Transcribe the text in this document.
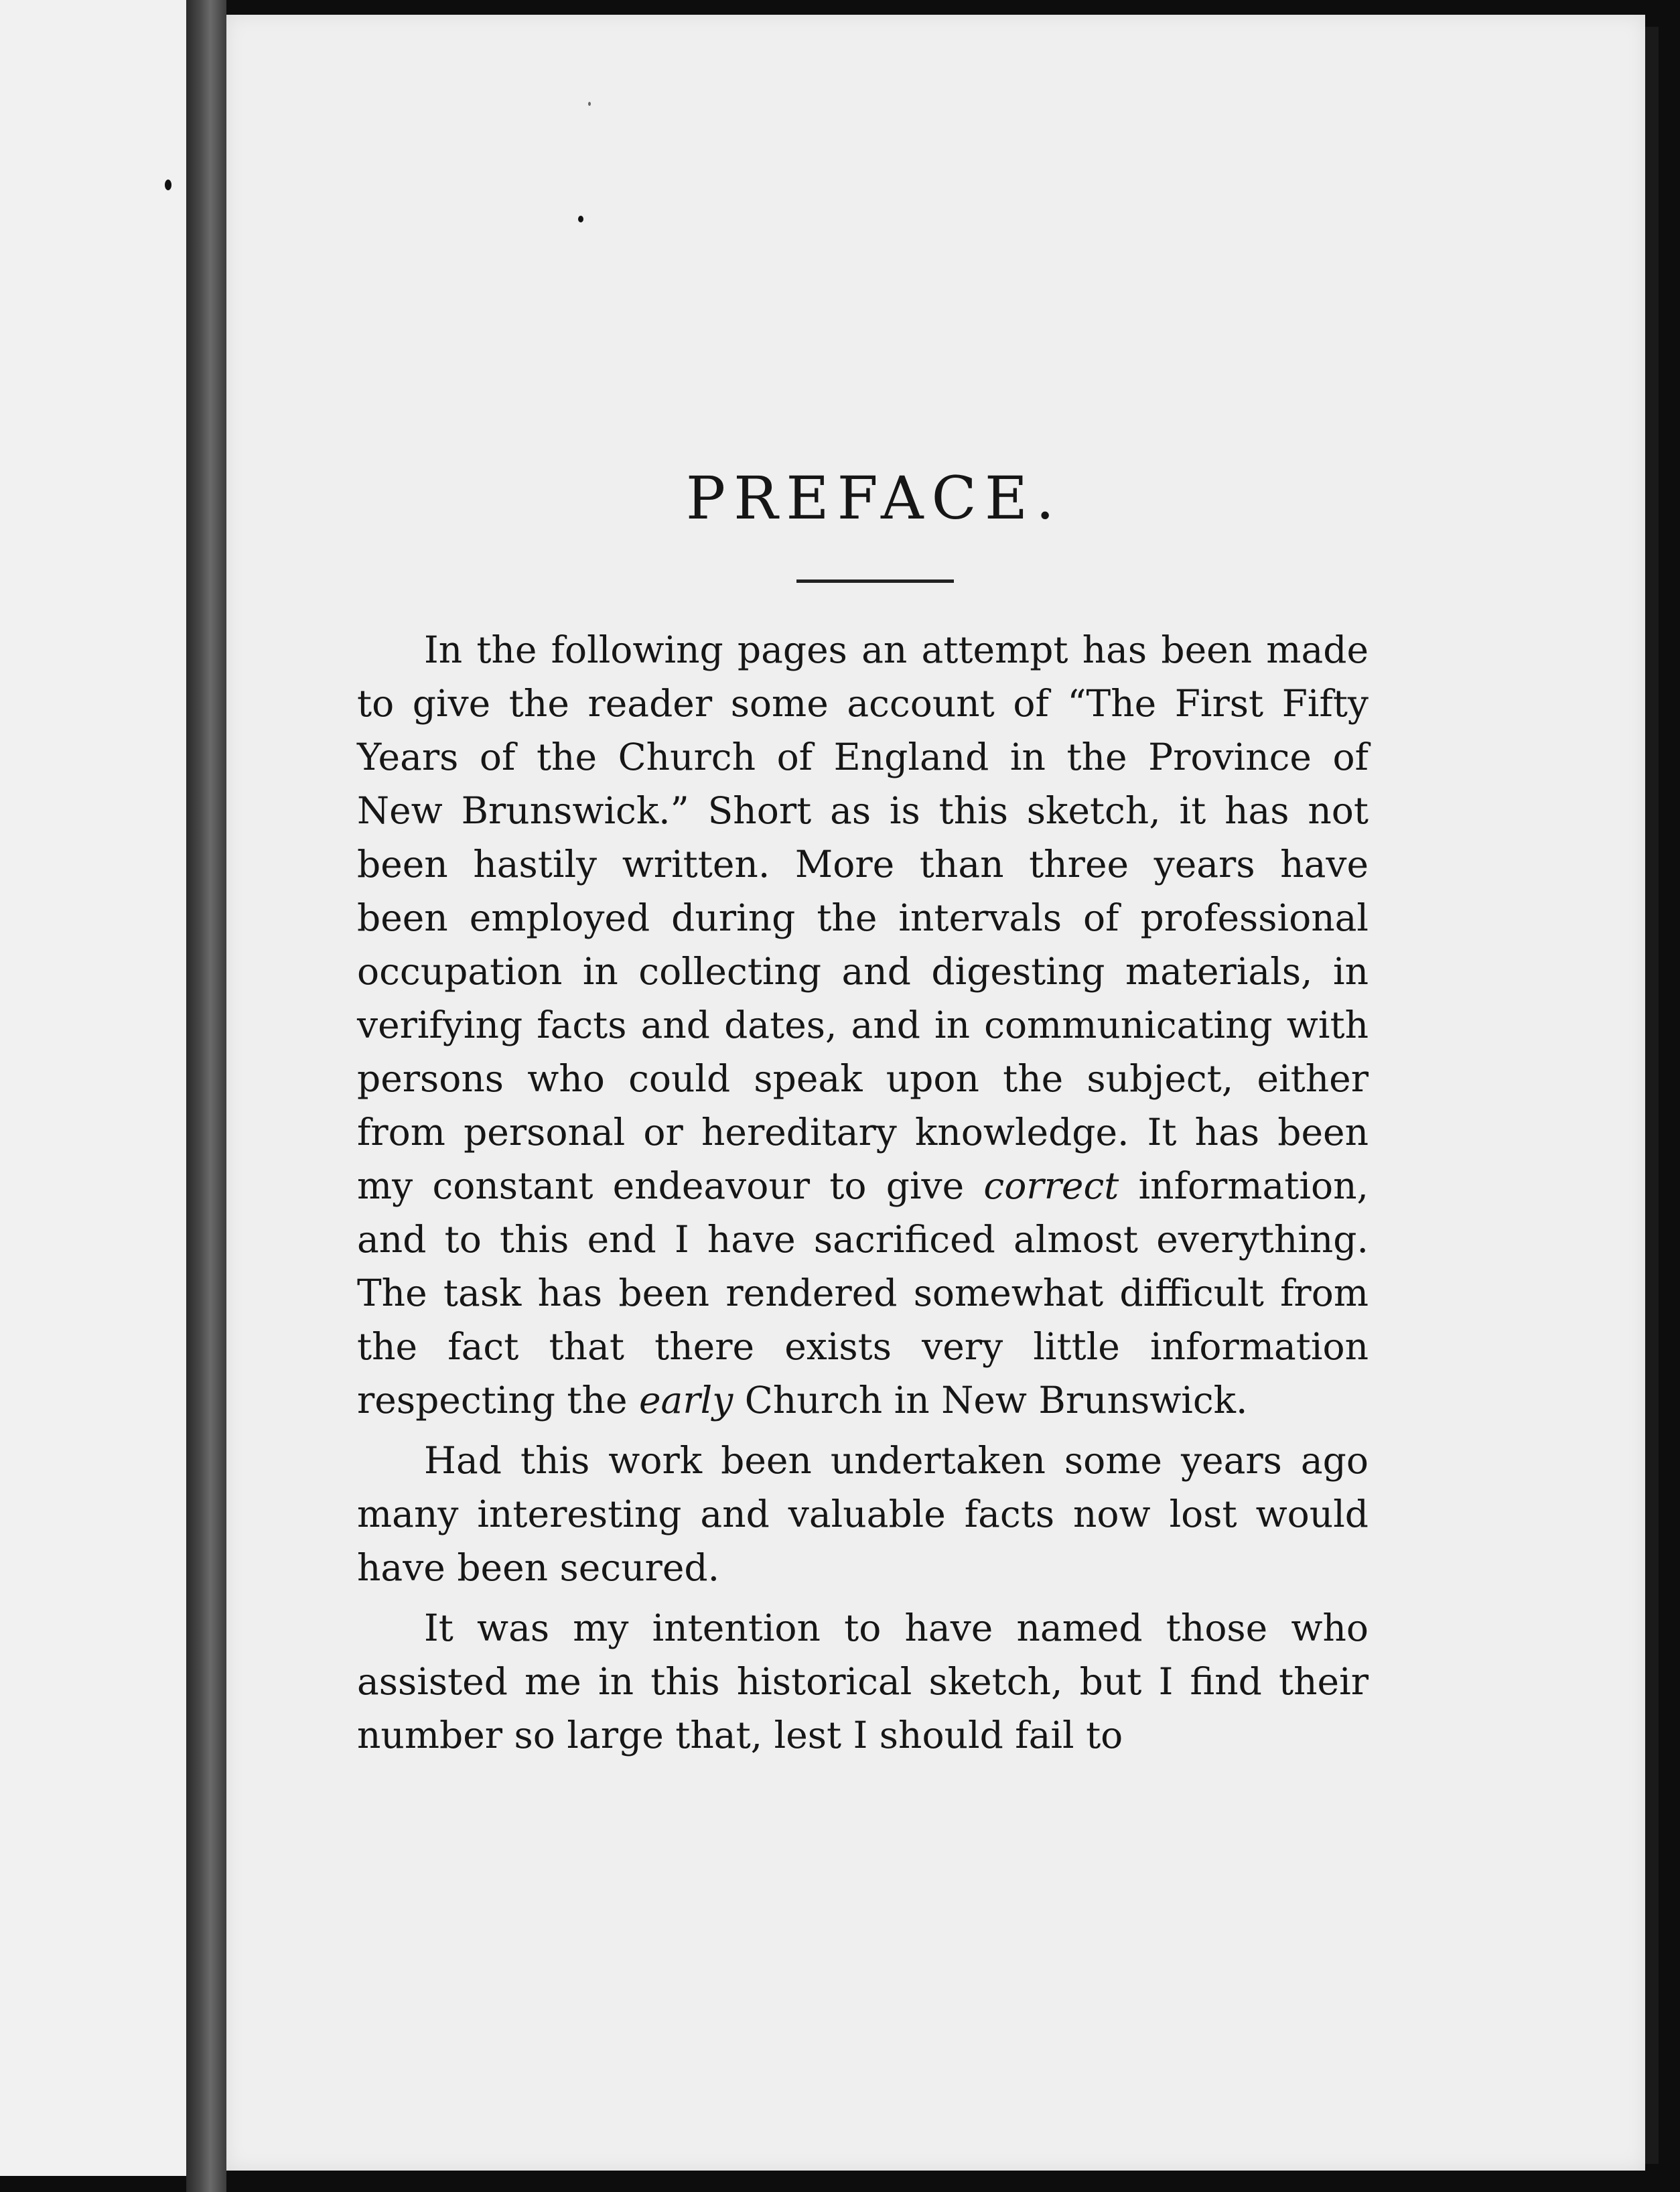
PREFACE.

In the following pages an attempt has been made to give the reader some account of “The First Fifty Years of the Church of England in the Province of New Brunswick.” Short as is this sketch, it has not been hastily written. More than three years have been employed during the intervals of professional occupation in collecting and digesting materials, in verifying facts and dates, and in communicating with persons who could speak upon the subject, either from personal or hereditary knowledge. It has been my constant endeavour to give correct information, and to this end I have sacrificed almost everything. The task has been rendered somewhat difficult from the fact that there exists very little information respecting the early Church in New Brunswick.

Had this work been undertaken some years ago many interesting and valuable facts now lost would have been secured.

It was my intention to have named those who assisted me in this historical sketch, but I find their number so large that, lest I should fail to
